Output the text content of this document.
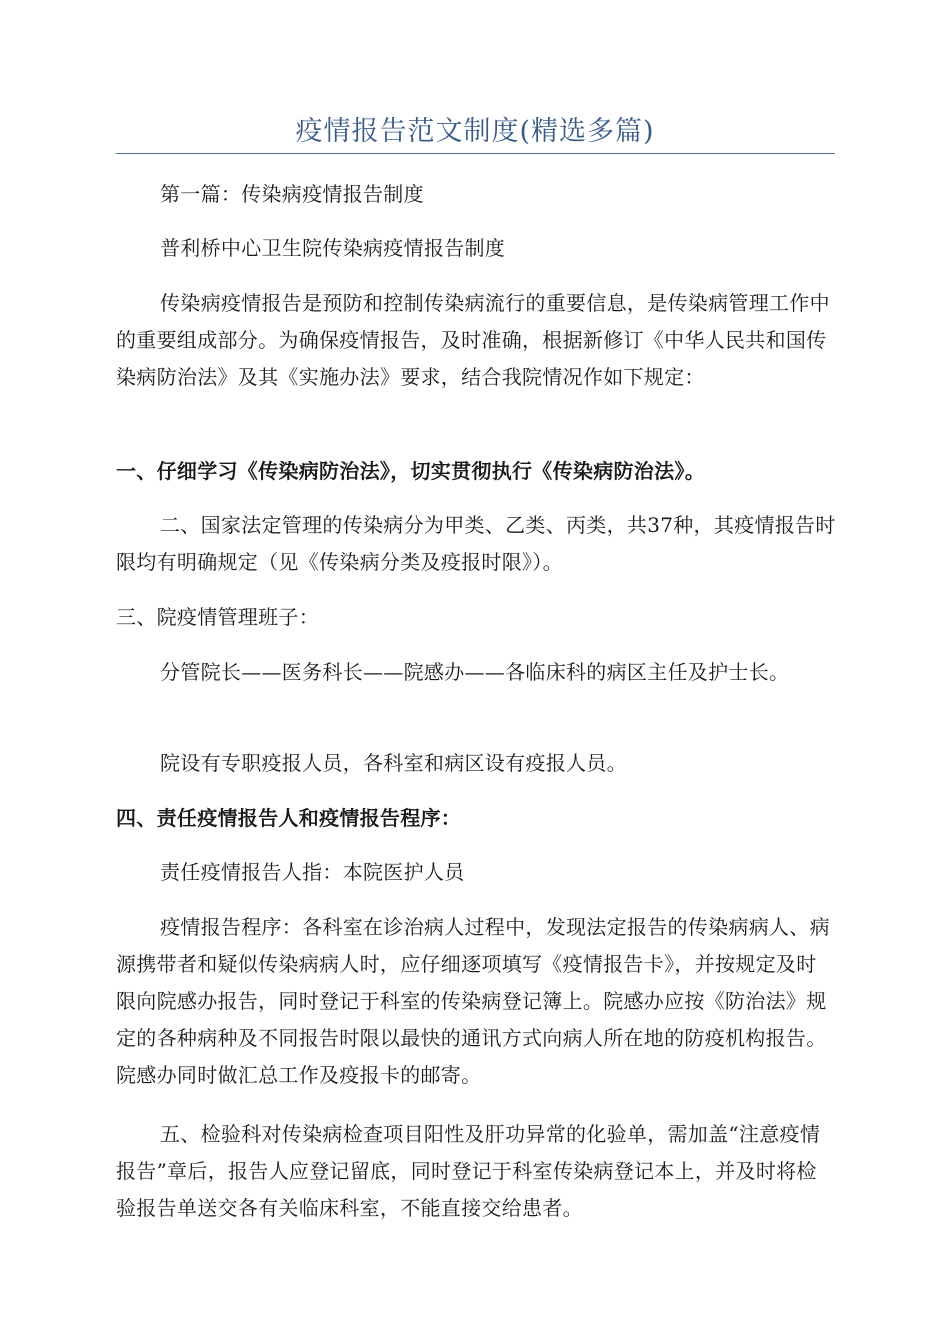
疫情报告范文制度(精选多篇)

第一篇：传染病疫情报告制度

普利桥中心卫生院传染病疫情报告制度

传染病疫情报告是预防和控制传染病流行的重要信息，是传染病管理工作中的重要组成部分。为确保疫情报告，及时准确，根据新修订《中华人民共和国传染病防治法》及其《实施办法》要求，结合我院情况作如下规定：

一、仔细学习《传染病防治法》，切实贯彻执行《传染病防治法》。

二、国家法定管理的传染病分为甲类、乙类、丙类，共37种，其疫情报告时限均有明确规定（见《传染病分类及疫报时限》）。

三、院疫情管理班子：

分管院长——医务科长——院感办——各临床科的病区主任及护士长。

院设有专职疫报人员，各科室和病区设有疫报人员。

四、责任疫情报告人和疫情报告程序：

责任疫情报告人指：本院医护人员

疫情报告程序：各科室在诊治病人过程中，发现法定报告的传染病病人、病源携带者和疑似传染病病人时，应仔细逐项填写《疫情报告卡》，并按规定及时限向院感办报告，同时登记于科室的传染病登记簿上。院感办应按《防治法》规定的各种病种及不同报告时限以最快的通讯方式向病人所在地的防疫机构报告。院感办同时做汇总工作及疫报卡的邮寄。

五、检验科对传染病检查项目阳性及肝功异常的化验单，需加盖“注意疫情报告”章后，报告人应登记留底，同时登记于科室传染病登记本上，并及时将检验报告单送交各有关临床科室，不能直接交给患者。
